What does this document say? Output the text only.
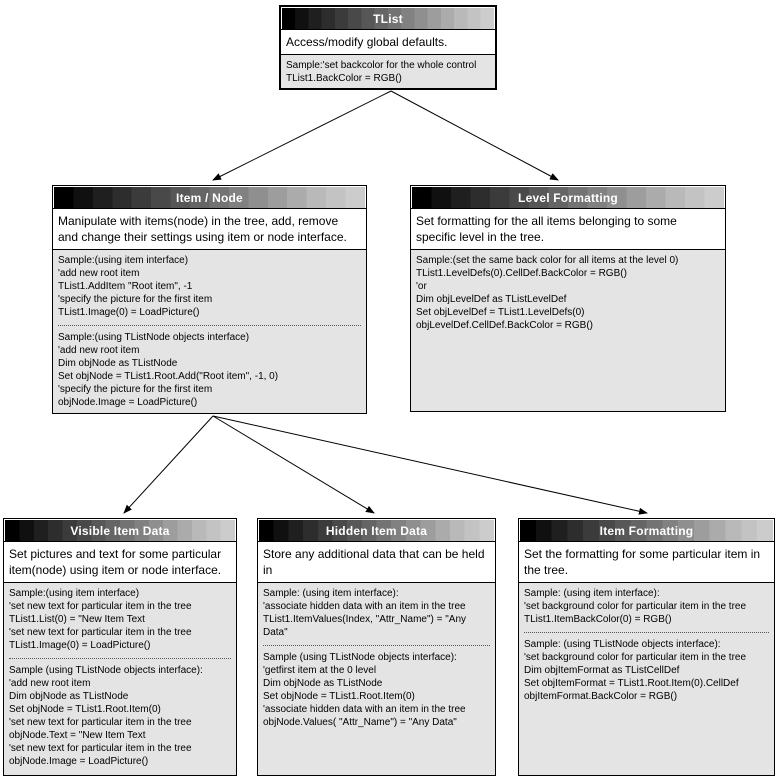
TList
Access/modify global defaults.
Sample:'set backcolor for the whole control
TList1.BackColor = RGB()
Item / Node
Manipulate with items(node) in the tree, add, remove and change their settings using item or node interface.
Sample:(using item interface)
'add new root item
TList1.AddItem "Root item", -1
'specify the picture for the first item
TList1.Image(0) = LoadPicture()
Sample:(using TListNode objects interface)
'add new root item
Dim objNode as TListNode
Set objNode = TList1.Root.Add("Root item", -1, 0)
'specify the picture for the first item
objNode.Image = LoadPicture()
Level Formatting
Set formatting for the all items belonging to some specific level in the tree.
Sample:(set the same back color for all items at the level 0)
TList1.LevelDefs(0).CellDef.BackColor = RGB()
'or
Dim objLevelDef as TListLevelDef
Set objLevelDef = TList1.LevelDefs(0)
objLevelDef.CellDef.BackColor = RGB()
Visible Item Data
Set pictures and text for some particular item(node) using item or node interface.
Sample:(using item interface)
'set new text for particular item in the tree
TList1.List(0) = "New Item Text
'set new text for particular item in the tree
TList1.Image(0) = LoadPicture()
Sample (using TListNode objects interface):
'add new root item
Dim objNode as TListNode
Set objNode = TList1.Root.Item(0)
'set new text for particular item in the tree
objNode.Text = "New Item Text
'set new text for particular item in the tree
objNode.Image = LoadPicture()
Hidden Item Data
Store any additional data that can be held in
Sample: (using item interface):
'associate hidden data with an item in the tree
TList1.ItemValues(Index, "Attr_Name") = "Any Data"
Sample (using TListNode objects interface):
'getfirst item at the 0 level
Dim objNode as TListNode
Set objNode = TList1.Root.Item(0)
'associate hidden data with an item in the tree
objNode.Values( "Attr_Name") = "Any Data"
Item Formatting
Set the formatting for some particular item in the tree.
Sample: (using item interface):
'set background color for particular item in the tree
TList1.ItemBackColor(0) = RGB()
Sample: (using TListNode objects interface):
'set background color for particular item in the tree
Dim objItemFormat as TListCellDef
Set objItemFormat = TList1.Root.Item(0).CellDef
objItemFormat.BackColor = RGB()
